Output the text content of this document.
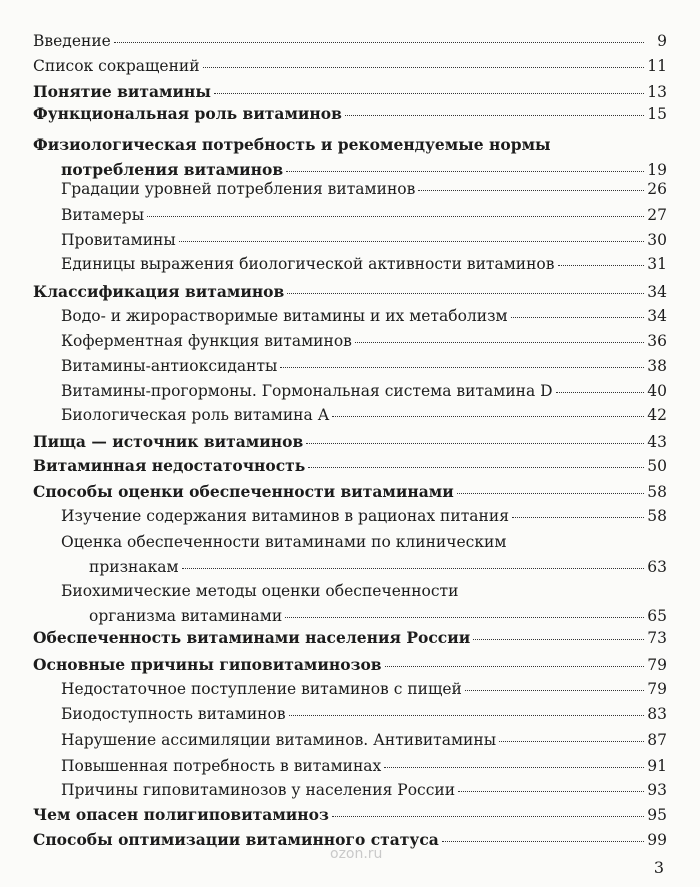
Введение	9
Список сокращений	11
Понятие витамины	13
Функциональная роль витаминов	15
Физиологическая потребность и рекомендуемые нормы
потребления витаминов	19
Градации уровней потребления витаминов	26
Витамеры	27
Провитамины	30
Единицы выражения биологической активности витаминов	31
Классификация витаминов	34
Водо- и жирорастворимые витамины и их метаболизм	34
Коферментная функция витаминов	36
Витамины-антиоксиданты	38
Витамины-прогормоны. Гормональная система витамина D	40
Биологическая роль витамина А	42
Пища — источник витаминов	43
Витаминная недостаточность	50
Способы оценки обеспеченности витаминами	58
Изучение содержания витаминов в рационах питания	58
Оценка обеспеченности витаминами по клиническим
признакам	63
Биохимические методы оценки обеспеченности
организма витаминами	65
Обеспеченность витаминами населения России	73
Основные причины гиповитаминозов	79
Недостаточное поступление витаминов с пищей	79
Биодоступность витаминов	83
Нарушение ассимиляции витаминов. Антивитамины	87
Повышенная потребность в витаминах	91
Причины гиповитаминозов у населения России	93
Чем опасен полигиповитаминоз	95
Способы оптимизации витаминного статуса	99
3
ozon.ru
